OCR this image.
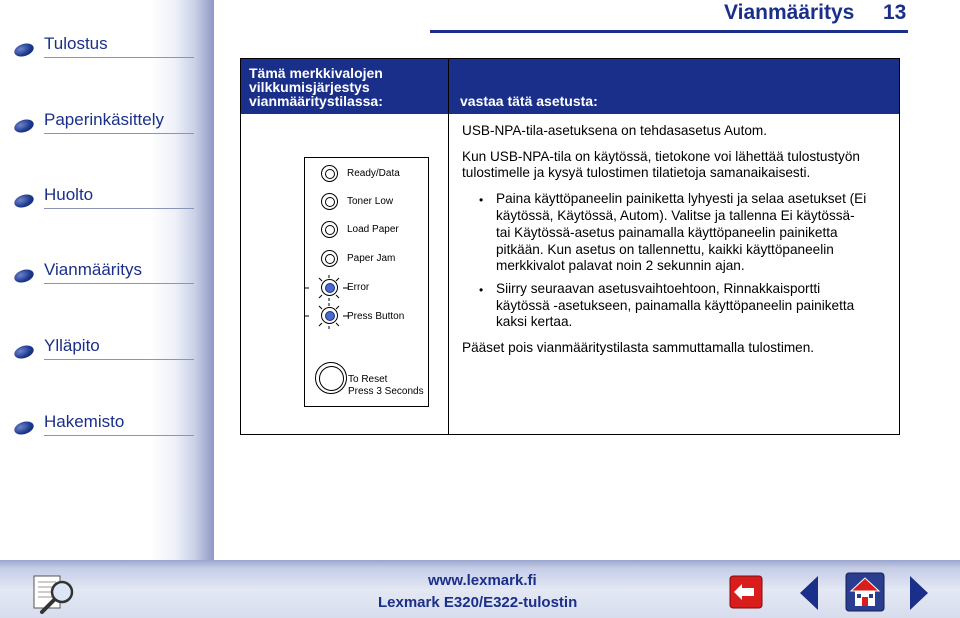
Tulostus
Paperinkäsittely
Huolto
Vianmääritys
Ylläpito
Hakemisto
Vianmääritys 13
Tämä merkkivalojen
vilkkumisjärjestys
vianmääritystilassa:	vastaa tätä asetusta:
Ready/Data
Toner Low
Load Paper
Paper Jam
Error
Press Button
To Reset
Press 3 Seconds
USB-NPA-tila-asetuksena on tehdasasetus Autom.
Kun USB-NPA-tila on käytössä, tietokone voi lähettää tulostustyön
tulostimelle ja kysyä tulostimen tilatietoja samanaikaisesti.
• Paina käyttöpaneelin painiketta lyhyesti ja selaa asetukset (Ei
käytössä, Käytössä, Autom). Valitse ja tallenna Ei käytössä-
tai Käytössä-asetus painamalla käyttöpaneelin painiketta
pitkään. Kun asetus on tallennettu, kaikki käyttöpaneelin
merkkivalot palavat noin 2 sekunnin ajan.
• Siirry seuraavan asetusvaihtoehtoon, Rinnakkaisportti
käytössä -asetukseen, painamalla käyttöpaneelin painiketta
kaksi kertaa.
Pääset pois vianmääritystilasta sammuttamalla tulostimen.
www.lexmark.fi
Lexmark E320/E322-tulostin
